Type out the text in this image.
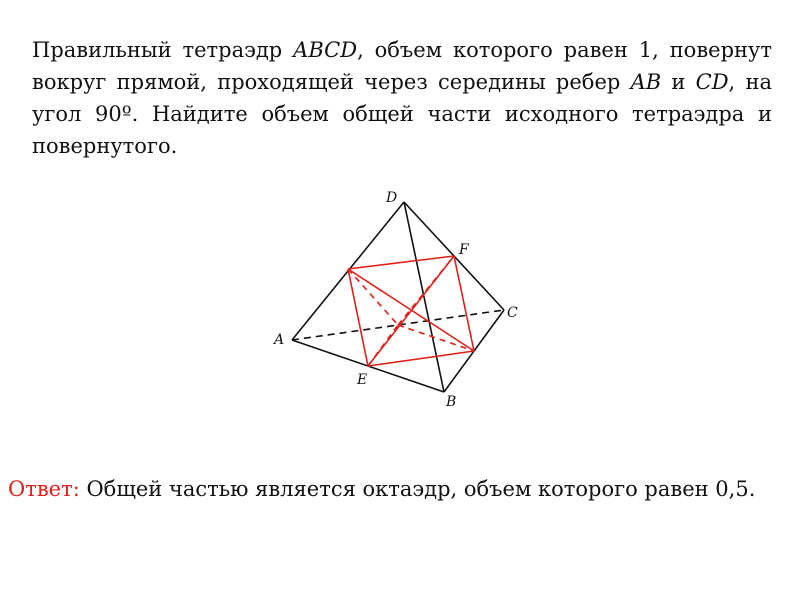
Правильный тетраэдр ABCD, объем которого равен 1, повернут вокруг прямой, проходящей через середины ребер AB и CD, на угол 90º. Найдите объем общей части исходного тетраэдра и повернутого.

A
B
C
D
E
F

Ответ: Общей частью является октаэдр, объем которого равен 0,5.
